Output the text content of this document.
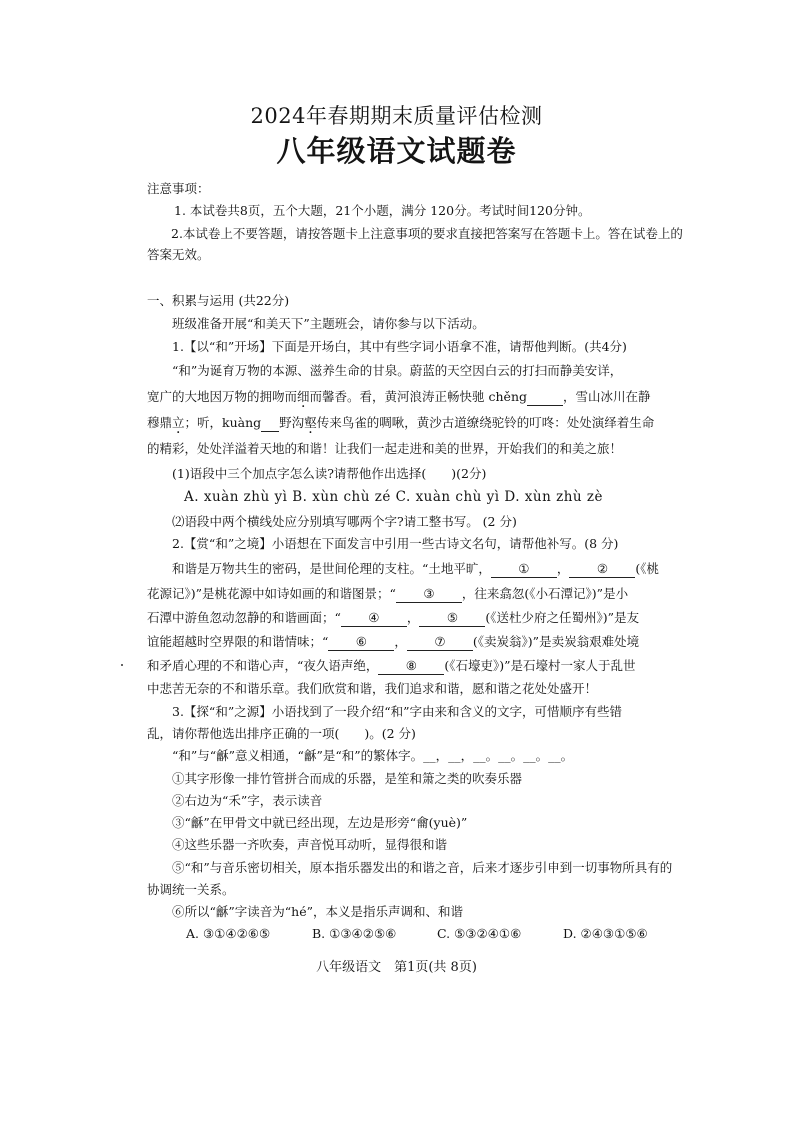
2024年春期期末质量评估检测
八年级语文试题卷
注意事项：
1. 本试卷共8页，五个大题，21个小题，满分 120分。考试时间120分钟。
2.本试卷上不要答题，请按答题卡上注意事项的要求直接把答案写在答题卡上。答在试卷上的
答案无效。
一、积累与运用 (共22分)
班级准备开展“和美天下”主题班会，请你参与以下活动。
1.【以“和”开场】下面是开场白，其中有些字词小语拿不准，请帮他判断。(共4分)
“和”为诞育万物的本源、滋养生命的甘泉。蔚蓝的天空因白云的打扫而静美安详，
宽广的大地因万物的拥吻而细而馨香。看，黄河浪涛正畅快驰 chěng	，雪山冰川在静
穆鼎立；听，kuàng 野沟壑传来鸟雀的啁啾，黄沙古道缭绕驼铃的叮咚：处处演绎着生命
的精彩，处处洋溢着天地的和谐！让我们一起走进和美的世界，开始我们的和美之旅！
(1)语段中三个加点字怎么读?请帮他作出选择(　　)(2分)
A. xuàn zhù yì B. xùn chù zé C. xuàn chù yì D. xùn zhù zè
⑵语段中两个横线处应分别填写哪两个字?请工整书写。 (2 分)
2.【赏“和”之境】小语想在下面发言中引用一些古诗文名句，请帮他补写。(8 分)
和谐是万物共生的密码，是世间伦理的支柱。“土地平旷， ① ， ② (《桃
花源记》)”是桃花源中如诗如画的和谐图景；“ ③ ，往来翕忽(《小石潭记》)”是小
石潭中游鱼忽动忽静的和谐画面；“ ④ ， ⑤ (《送杜少府之任蜀州》)”是友
谊能超越时空界限的和谐情味；“ ⑥ ， ⑦ (《卖炭翁》)”是卖炭翁艰难处境
和矛盾心理的不和谐心声，“夜久语声绝， ⑧ (《石壕吏》)”是石壕村一家人于乱世
中悲苦无奈的不和谐乐章。我们欣赏和谐，我们追求和谐，愿和谐之花处处盛开！
3.【探“和”之源】小语找到了一段介绍“和”字由来和含义的文字，可惜顺序有些错
乱，请你帮他选出排序正确的一项(　　)。(2 分)
“和”与“龢”意义相通，“龢”是“和”的繁体字。__，__，__。__。__。__。
①其字形像一排竹管拼合而成的乐器，是笙和箫之类的吹奏乐器
②右边为“禾”字，表示读音
③“龢”在甲骨文中就已经出现，左边是形旁“龠(yuè)”
④这些乐器一齐吹奏，声音悦耳动听，显得很和谐
⑤“和”与音乐密切相关，原本指乐器发出的和谐之音，后来才逐步引申到一切事物所具有的
协调统一关系。
⑥所以“龢”字读音为“hé”，本义是指乐声调和、和谐
A. ③①④②⑥⑤	B. ①③④②⑤⑥	C. ⑤③②④①⑥	D. ②④③①⑤⑥
八年级语文　第1页(共 8页)
